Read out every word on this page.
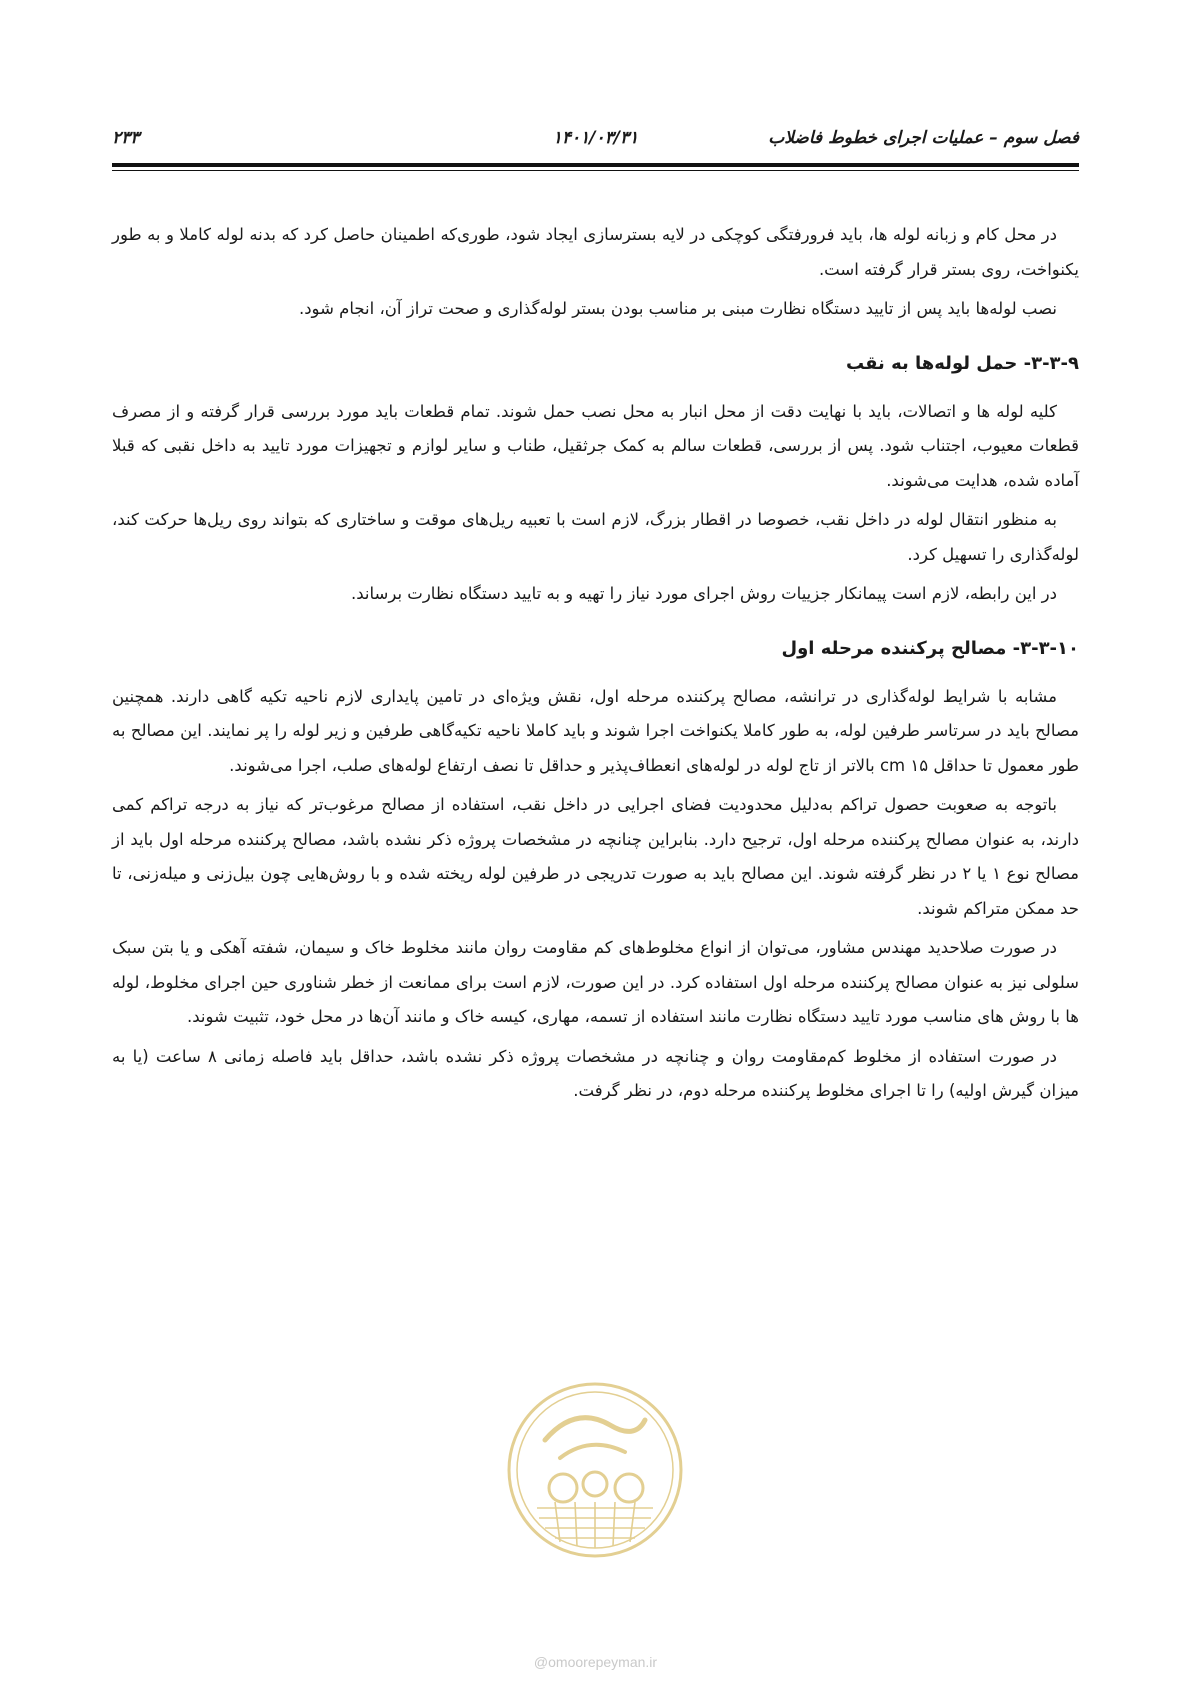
فصل سوم – عملیات اجرای خطوط فاضلاب
۱۴۰۱/۰۳/۳۱
۲۳۳

در محل کام و زبانه لوله ها، باید فرورفتگی کوچکی در لایه بسترسازی ایجاد شود، طوری‌که اطمینان حاصل کرد که بدنه لوله کاملا و به طور یکنواخت، روی بستر قرار گرفته است.

نصب لوله‌ها باید پس از تایید دستگاه نظارت مبنی بر مناسب بودن بستر لوله‌گذاری و صحت تراز آن، انجام شود.

۳-۳-۹- حمل لوله‌ها به نقب

کلیه لوله ها و اتصالات، باید با نهایت دقت از محل انبار به محل نصب حمل شوند. تمام قطعات باید مورد بررسی قرار گرفته و از مصرف قطعات معیوب، اجتناب شود. پس از بررسی، قطعات سالم به کمک جرثقیل، طناب و سایر لوازم و تجهیزات مورد تایید به داخل نقبی که قبلا آماده شده، هدایت می‌شوند.

به منظور انتقال لوله در داخل نقب، خصوصا در اقطار بزرگ، لازم است با تعبیه ریل‌های موقت و ساختاری که بتواند روی ریل‌ها حرکت کند، لوله‌گذاری را تسهیل کرد.

در این رابطه، لازم است پیمانکار جزییات روش اجرای مورد نیاز را تهیه و به تایید دستگاه نظارت برساند.

۳-۳-۱۰- مصالح پرکننده مرحله اول

مشابه با شرایط لوله‌گذاری در ترانشه، مصالح پرکننده مرحله اول، نقش ویژه‌ای در تامین پایداری لازم ناحیه تکیه گاهی دارند. همچنین مصالح باید در سرتاسر طرفین لوله، به طور کاملا یکنواخت اجرا شوند و باید کاملا ناحیه تکیه‌گاهی طرفین و زیر لوله را پر نمایند. این مصالح به طور معمول تا حداقل ۱۵ cm بالاتر از تاج لوله در لوله‌های انعطاف‌پذیر و حداقل تا نصف ارتفاع لوله‌های صلب، اجرا می‌شوند.

باتوجه به صعوبت حصول تراکم به‌دلیل محدودیت فضای اجرایی در داخل نقب، استفاده از مصالح مرغوب‌تر که نیاز به درجه تراکم کمی دارند، به عنوان مصالح پرکننده مرحله اول، ترجیح دارد. بنابراین چنانچه در مشخصات پروژه ذکر نشده باشد، مصالح پرکننده مرحله اول باید از مصالح نوع ۱ یا ۲ در نظر گرفته شوند. این مصالح باید به صورت تدریجی در طرفین لوله ریخته شده و با روش‌هایی چون بیل‌زنی و میله‌زنی، تا حد ممکن متراکم شوند.

در صورت صلاحدید مهندس مشاور، می‌توان از انواع مخلوط‌های کم مقاومت روان مانند مخلوط خاک و سیمان، شفته آهکی و یا بتن سبک سلولی نیز به عنوان مصالح پرکننده مرحله اول استفاده کرد. در این صورت، لازم است برای ممانعت از خطر شناوری حین اجرای مخلوط، لوله ها با روش های مناسب مورد تایید دستگاه نظارت مانند استفاده از تسمه، مهاری، کیسه خاک و مانند آن‌ها در محل خود، تثبیت شوند.

در صورت استفاده از مخلوط کم‌مقاومت روان و چنانچه در مشخصات پروژه ذکر نشده باشد، حداقل باید فاصله زمانی ۸ ساعت (یا به میزان گیرش اولیه) را تا اجرای مخلوط پرکننده مرحله دوم، در نظر گرفت.

@omoorepeyman.ir
